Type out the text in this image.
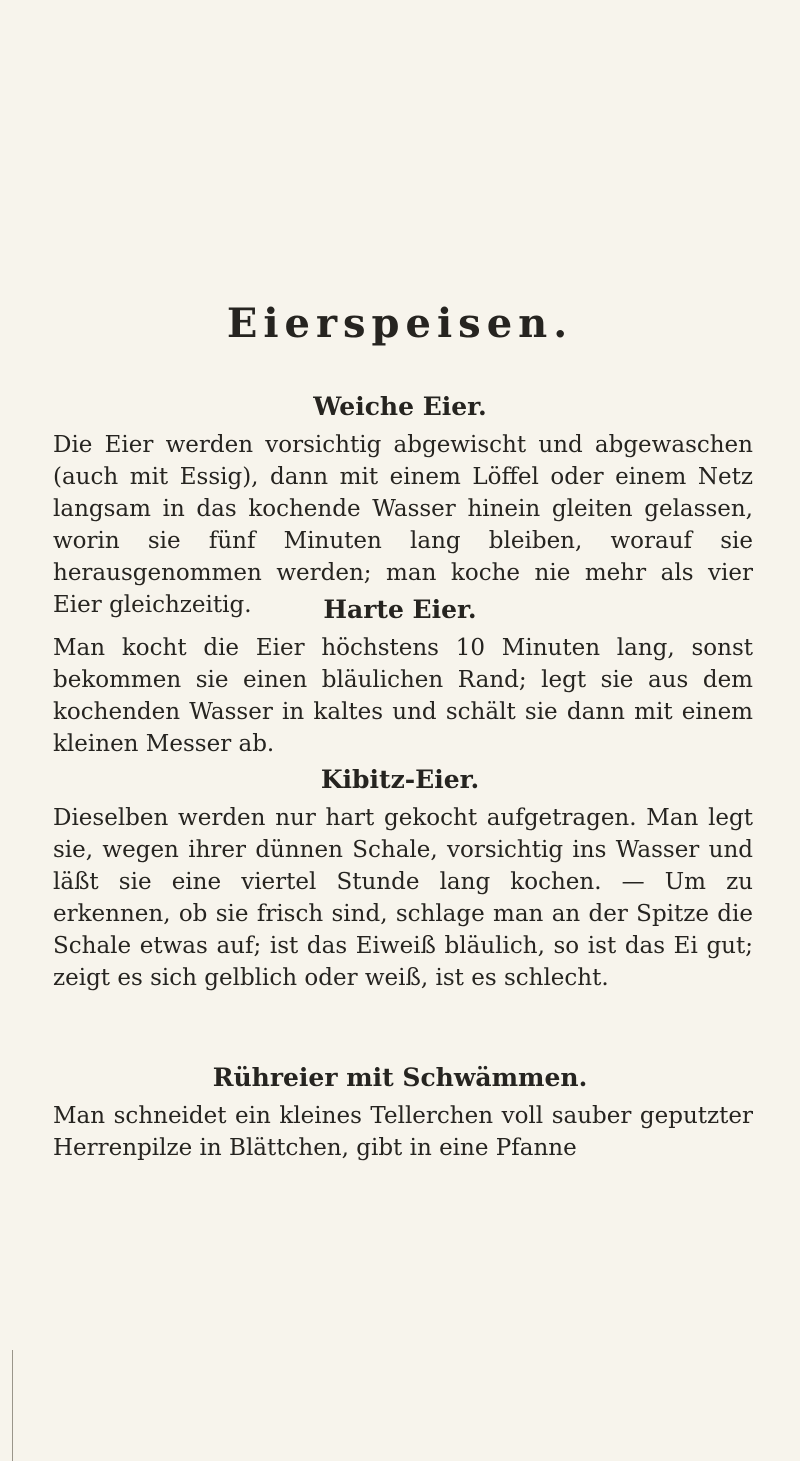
Eierspeisen.
Weiche Eier.
Die Eier werden vorsichtig abgewischt und abgewaschen (auch mit Essig), dann mit einem Löffel oder einem Netz langsam in das kochende Wasser hinein gleiten gelassen, worin sie fünf Minuten lang bleiben, worauf sie herausgenommen werden; man koche nie mehr als vier Eier gleichzeitig.	Harte Eier.
Man kocht die Eier höchstens 10 Minuten lang, sonst bekommen sie einen bläulichen Rand; legt sie aus dem kochenden Wasser in kaltes und schält sie dann mit einem kleinen Messer ab.
Kibitz-Eier.
Dieselben werden nur hart gekocht aufgetragen. Man legt sie, wegen ihrer dünnen Schale, vorsichtig ins Wasser und läßt sie eine viertel Stunde lang kochen. — Um zu erkennen, ob sie frisch sind, schlage man an der Spitze die Schale etwas auf; ist das Eiweiß bläulich, so ist das Ei gut; zeigt es sich gelblich oder weiß, ist es schlecht.
Rühreier mit Schwämmen.
Man schneidet ein kleines Tellerchen voll sauber geputzter Herrenpilze in Blättchen, gibt in eine Pfanne
